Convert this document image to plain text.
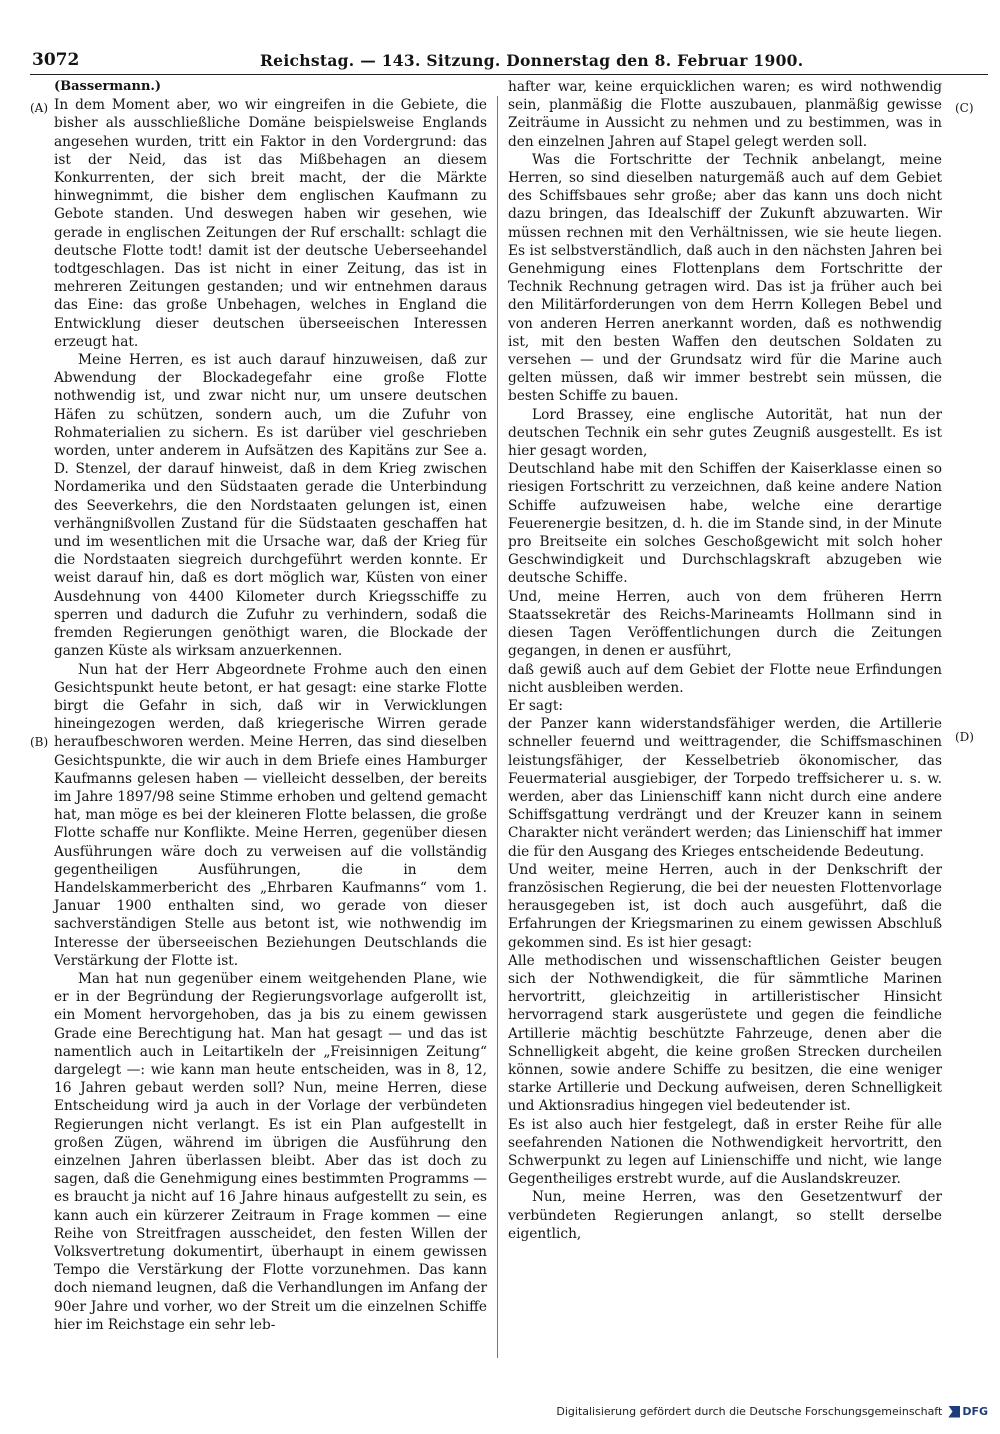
3072	Reichstag. — 143. Sitzung. Donnerstag den 8. Februar 1900.
(A)
(B)
(C)
(D)

(Bassermann.)

In dem Moment aber, wo wir eingreifen in die Gebiete, die bisher als ausschließliche Domäne beispielsweise Englands angesehen wurden, tritt ein Faktor in den Vordergrund: das ist der Neid, das ist das Mißbehagen an diesem Konkurrenten, der sich breit macht, der die Märkte hinwegnimmt, die bisher dem englischen Kaufmann zu Gebote standen. Und deswegen haben wir gesehen, wie gerade in englischen Zeitungen der Ruf erschallt: schlagt die deutsche Flotte todt! damit ist der deutsche Ueberseehandel todtgeschlagen. Das ist nicht in einer Zeitung, das ist in mehreren Zeitungen gestanden; und wir entnehmen daraus das Eine: das große Unbehagen, welches in England die Entwicklung dieser deutschen überseeischen Interessen erzeugt hat.

Meine Herren, es ist auch darauf hinzuweisen, daß zur Abwendung der Blockadegefahr eine große Flotte nothwendig ist, und zwar nicht nur, um unsere deutschen Häfen zu schützen, sondern auch, um die Zufuhr von Rohmaterialien zu sichern. Es ist darüber viel geschrieben worden, unter anderem in Aufsätzen des Kapitäns zur See a. D. Stenzel, der darauf hinweist, daß in dem Krieg zwischen Nordamerika und den Südstaaten gerade die Unterbindung des Seeverkehrs, die den Nordstaaten gelungen ist, einen verhängnißvollen Zustand für die Südstaaten geschaffen hat und im wesentlichen mit die Ursache war, daß der Krieg für die Nordstaaten siegreich durchgeführt werden konnte. Er weist darauf hin, daß es dort möglich war, Küsten von einer Ausdehnung von 4400 Kilometer durch Kriegsschiffe zu sperren und dadurch die Zufuhr zu verhindern, sodaß die fremden Regierungen genöthigt waren, die Blockade der ganzen Küste als wirksam anzuerkennen.

Nun hat der Herr Abgeordnete Frohme auch den einen Gesichtspunkt heute betont, er hat gesagt: eine starke Flotte birgt die Gefahr in sich, daß wir in Verwicklungen hineingezogen werden, daß kriegerische Wirren gerade heraufbeschworen werden. Meine Herren, das sind dieselben Gesichtspunkte, die wir auch in dem Briefe eines Hamburger Kaufmanns gelesen haben — vielleicht desselben, der bereits im Jahre 1897/98 seine Stimme erhoben und geltend gemacht hat, man möge es bei der kleineren Flotte belassen, die große Flotte schaffe nur Konflikte. Meine Herren, gegenüber diesen Ausführungen wäre doch zu verweisen auf die vollständig gegentheiligen Ausführungen, die in dem Handelskammerbericht des „Ehrbaren Kaufmanns“ vom 1. Januar 1900 enthalten sind, wo gerade von dieser sachverständigen Stelle aus betont ist, wie nothwendig im Interesse der überseeischen Beziehungen Deutschlands die Verstärkung der Flotte ist.

Man hat nun gegenüber einem weitgehenden Plane, wie er in der Begründung der Regierungsvorlage aufgerollt ist, ein Moment hervorgehoben, das ja bis zu einem gewissen Grade eine Berechtigung hat. Man hat gesagt — und das ist namentlich auch in Leitartikeln der „Freisinnigen Zeitung“ dargelegt —: wie kann man heute entscheiden, was in 8, 12, 16 Jahren gebaut werden soll? Nun, meine Herren, diese Entscheidung wird ja auch in der Vorlage der verbündeten Regierungen nicht verlangt. Es ist ein Plan aufgestellt in großen Zügen, während im übrigen die Ausführung den einzelnen Jahren überlassen bleibt. Aber das ist doch zu sagen, daß die Genehmigung eines bestimmten Programms — es braucht ja nicht auf 16 Jahre hinaus aufgestellt zu sein, es kann auch ein kürzerer Zeitraum in Frage kommen — eine Reihe von Streitfragen ausscheidet, den festen Willen der Volksvertretung dokumentirt, überhaupt in einem gewissen Tempo die Verstärkung der Flotte vorzunehmen. Das kann doch niemand leugnen, daß die Verhandlungen im Anfang der 90er Jahre und vorher, wo der Streit um die einzelnen Schiffe hier im Reichstage ein sehr leb-

hafter war, keine erquicklichen waren; es wird nothwendig sein, planmäßig die Flotte auszubauen, planmäßig gewisse Zeiträume in Aussicht zu nehmen und zu bestimmen, was in den einzelnen Jahren auf Stapel gelegt werden soll.

Was die Fortschritte der Technik anbelangt, meine Herren, so sind dieselben naturgemäß auch auf dem Gebiet des Schiffsbaues sehr große; aber das kann uns doch nicht dazu bringen, das Idealschiff der Zukunft abzuwarten. Wir müssen rechnen mit den Verhältnissen, wie sie heute liegen. Es ist selbstverständlich, daß auch in den nächsten Jahren bei Genehmigung eines Flottenplans dem Fortschritte der Technik Rechnung getragen wird. Das ist ja früher auch bei den Militärforderungen von dem Herrn Kollegen Bebel und von anderen Herren anerkannt worden, daß es nothwendig ist, mit den besten Waffen den deutschen Soldaten zu versehen — und der Grundsatz wird für die Marine auch gelten müssen, daß wir immer bestrebt sein müssen, die besten Schiffe zu bauen.

Lord Brassey, eine englische Autorität, hat nun der deutschen Technik ein sehr gutes Zeugniß ausgestellt. Es ist hier gesagt worden,

Deutschland habe mit den Schiffen der Kaiserklasse einen so riesigen Fortschritt zu verzeichnen, daß keine andere Nation Schiffe aufzuweisen habe, welche eine derartige Feuerenergie besitzen, d. h. die im Stande sind, in der Minute pro Breitseite ein solches Geschoßgewicht mit solch hoher Geschwindigkeit und Durchschlagskraft abzugeben wie deutsche Schiffe.

Und, meine Herren, auch von dem früheren Herrn Staatssekretär des Reichs-Marineamts Hollmann sind in diesen Tagen Veröffentlichungen durch die Zeitungen gegangen, in denen er ausführt,

daß gewiß auch auf dem Gebiet der Flotte neue Erfindungen nicht ausbleiben werden.

Er sagt:

der Panzer kann widerstandsfähiger werden, die Artillerie schneller feuernd und weittragender, die Schiffsmaschinen leistungsfähiger, der Kesselbetrieb ökonomischer, das Feuermaterial ausgiebiger, der Torpedo treffsicherer u. s. w. werden, aber das Linienschiff kann nicht durch eine andere Schiffsgattung verdrängt und der Kreuzer kann in seinem Charakter nicht verändert werden; das Linienschiff hat immer die für den Ausgang des Krieges entscheidende Bedeutung.

Und weiter, meine Herren, auch in der Denkschrift der französischen Regierung, die bei der neuesten Flottenvorlage herausgegeben ist, ist doch auch ausgeführt, daß die Erfahrungen der Kriegsmarinen zu einem gewissen Abschluß gekommen sind. Es ist hier gesagt:

Alle methodischen und wissenschaftlichen Geister beugen sich der Nothwendigkeit, die für sämmtliche Marinen hervortritt, gleichzeitig in artilleristischer Hinsicht hervorragend stark ausgerüstete und gegen die feindliche Artillerie mächtig beschützte Fahrzeuge, denen aber die Schnelligkeit abgeht, die keine großen Strecken durcheilen können, sowie andere Schiffe zu besitzen, die eine weniger starke Artillerie und Deckung aufweisen, deren Schnelligkeit und Aktionsradius hingegen viel bedeutender ist.

Es ist also auch hier festgelegt, daß in erster Reihe für alle seefahrenden Nationen die Nothwendigkeit hervortritt, den Schwerpunkt zu legen auf Linienschiffe und nicht, wie lange Gegentheiliges erstrebt wurde, auf die Auslandskreuzer.

Nun, meine Herren, was den Gesetzentwurf der verbündeten Regierungen anlangt, so stellt derselbe eigentlich,

Digitalisierung gefördert durch die Deutsche Forschungsgemeinschaft DFG
